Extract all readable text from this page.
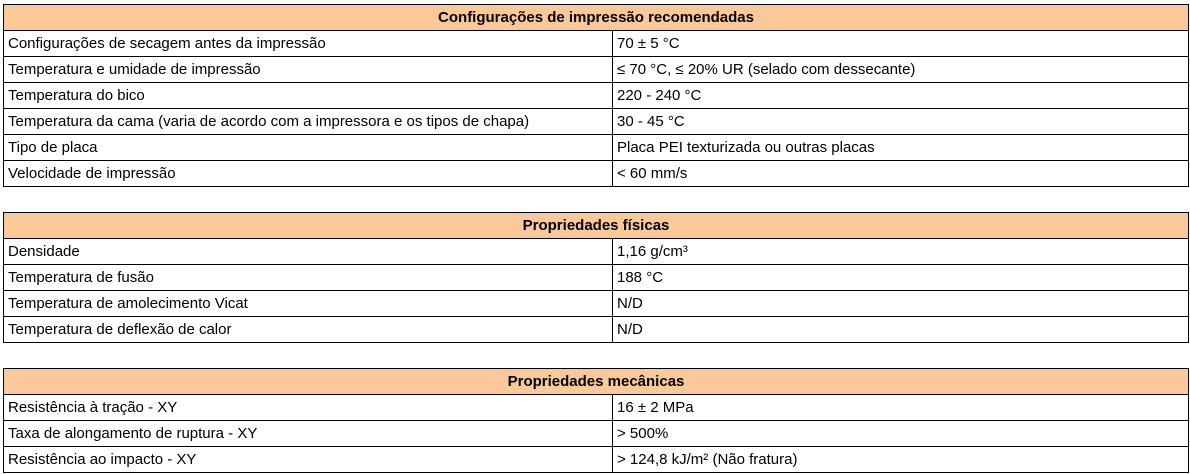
Configurações de impressão recomendadas	
Configurações de secagem antes da impressão	70 ± 5 °C
Temperatura e umidade de impressão	≤ 70 °C, ≤ 20% UR (selado com dessecante)
Temperatura do bico	220 - 240 °C
Temperatura da cama (varia de acordo com a impressora e os tipos de chapa)	30 - 45 °C
Tipo de placa	Placa PEI texturizada ou outras placas
Velocidade de impressão	< 60 mm/s
Propriedades físicas	
Densidade	1,16 g/cm³
Temperatura de fusão	188 °C
Temperatura de amolecimento Vicat	N/D
Temperatura de deflexão de calor	N/D
Propriedades mecânicas	
Resistência à tração - XY	16 ± 2 MPa
Taxa de alongamento de ruptura - XY	> 500%
Resistência ao impacto - XY	> 124,8 kJ/m² (Não fratura)
